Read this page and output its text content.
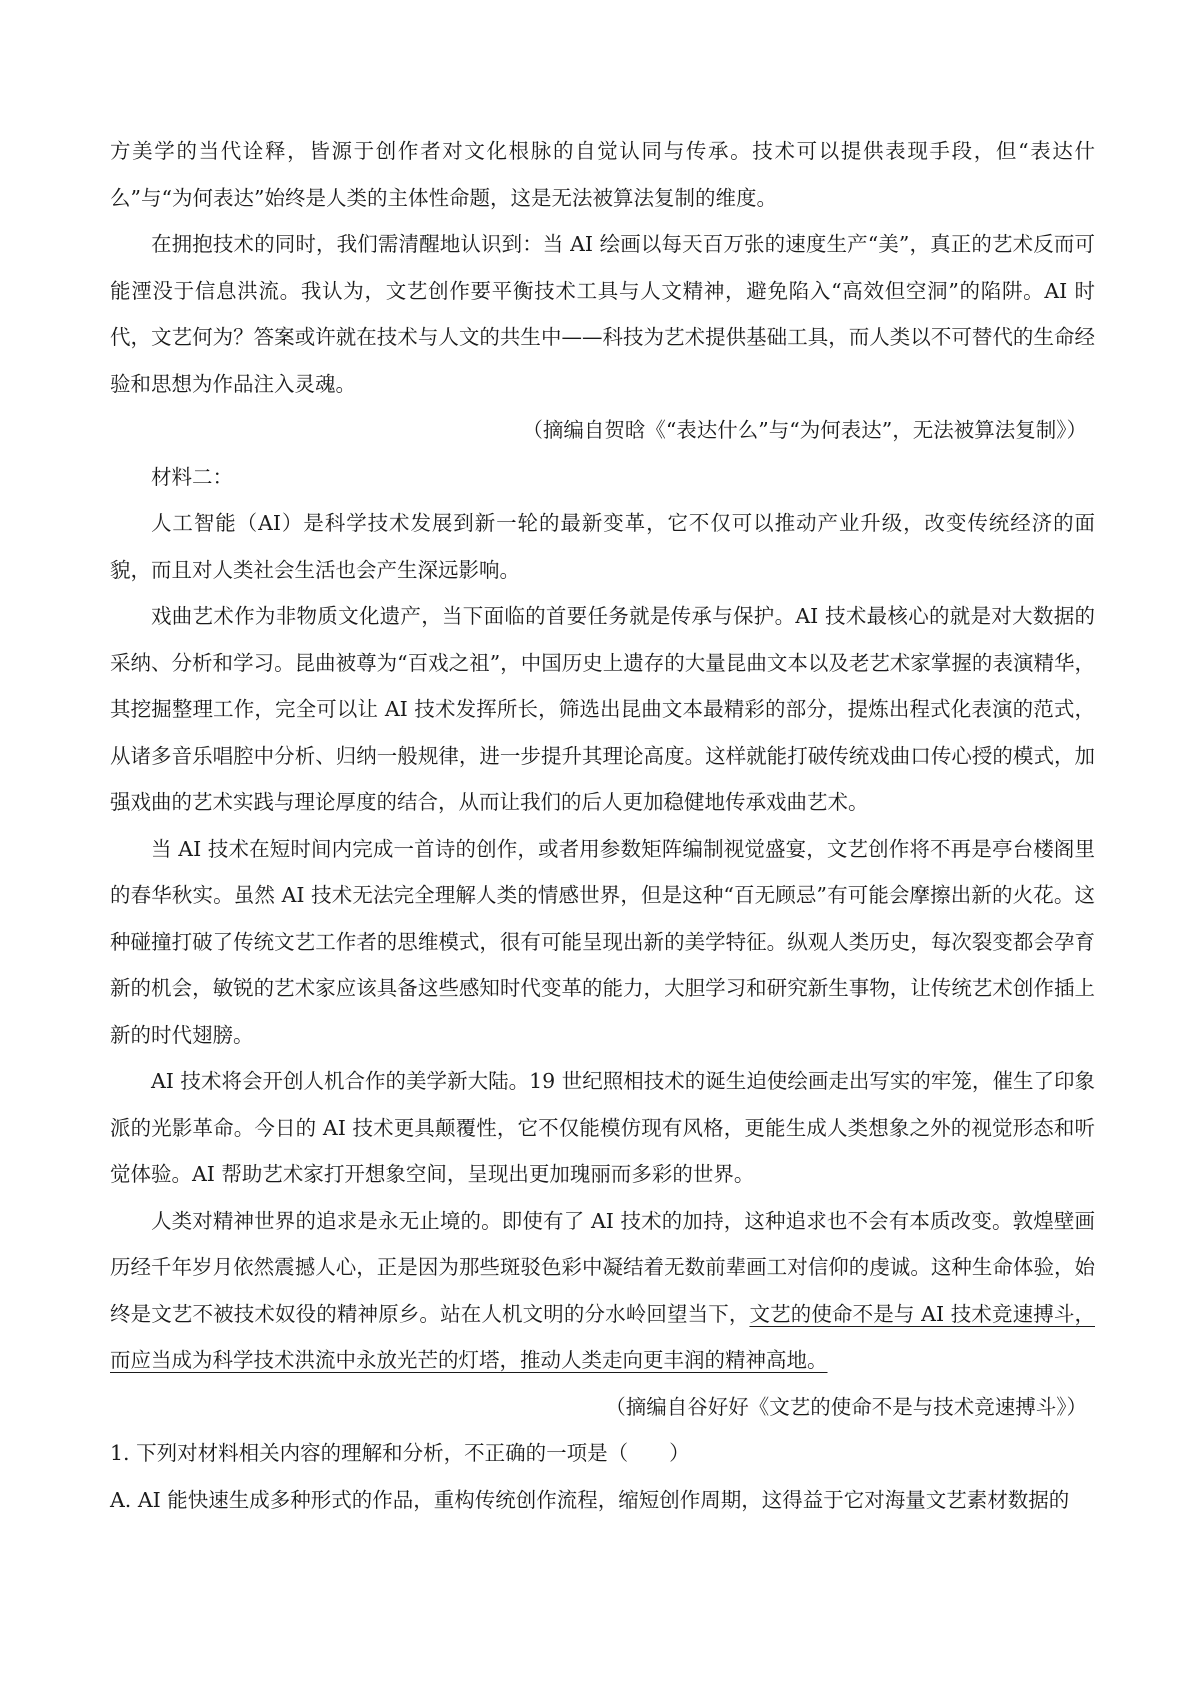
方美学的当代诠释，皆源于创作者对文化根脉的自觉认同与传承。技术可以提供表现手段，但“表达什么”与“为何表达”始终是人类的主体性命题，这是无法被算法复制的维度。

在拥抱技术的同时，我们需清醒地认识到：当 AI 绘画以每天百万张的速度生产“美”，真正的艺术反而可能湮没于信息洪流。我认为，文艺创作要平衡技术工具与人文精神，避免陷入“高效但空洞”的陷阱。AI 时代，文艺何为？答案或许就在技术与人文的共生中——科技为艺术提供基础工具，而人类以不可替代的生命经验和思想为作品注入灵魂。

（摘编自贺晗《“表达什么”与“为何表达”，无法被算法复制》）

材料二：

人工智能（AI）是科学技术发展到新一轮的最新变革，它不仅可以推动产业升级，改变传统经济的面貌，而且对人类社会生活也会产生深远影响。

戏曲艺术作为非物质文化遗产，当下面临的首要任务就是传承与保护。AI 技术最核心的就是对大数据的采纳、分析和学习。昆曲被尊为“百戏之祖”，中国历史上遗存的大量昆曲文本以及老艺术家掌握的表演精华，其挖掘整理工作，完全可以让 AI 技术发挥所长，筛选出昆曲文本最精彩的部分，提炼出程式化表演的范式，从诸多音乐唱腔中分析、归纳一般规律，进一步提升其理论高度。这样就能打破传统戏曲口传心授的模式，加强戏曲的艺术实践与理论厚度的结合，从而让我们的后人更加稳健地传承戏曲艺术。

当 AI 技术在短时间内完成一首诗的创作，或者用参数矩阵编制视觉盛宴，文艺创作将不再是亭台楼阁里的春华秋实。虽然 AI 技术无法完全理解人类的情感世界，但是这种“百无顾忌”有可能会摩擦出新的火花。这种碰撞打破了传统文艺工作者的思维模式，很有可能呈现出新的美学特征。纵观人类历史，每次裂变都会孕育新的机会，敏锐的艺术家应该具备这些感知时代变革的能力，大胆学习和研究新生事物，让传统艺术创作插上新的时代翅膀。

AI 技术将会开创人机合作的美学新大陆。19 世纪照相技术的诞生迫使绘画走出写实的牢笼，催生了印象派的光影革命。今日的 AI 技术更具颠覆性，它不仅能模仿现有风格，更能生成人类想象之外的视觉形态和听觉体验。AI 帮助艺术家打开想象空间，呈现出更加瑰丽而多彩的世界。

人类对精神世界的追求是永无止境的。即使有了 AI 技术的加持，这种追求也不会有本质改变。敦煌壁画历经千年岁月依然震撼人心，正是因为那些斑驳色彩中凝结着无数前辈画工对信仰的虔诚。这种生命体验，始终是文艺不被技术奴役的精神原乡。站在人机文明的分水岭回望当下，文艺的使命不是与 AI 技术竞速搏斗，而应当成为科学技术洪流中永放光芒的灯塔，推动人类走向更丰润的精神高地。

（摘编自谷好好《文艺的使命不是与技术竞速搏斗》）

1. 下列对材料相关内容的理解和分析，不正确的一项是（　　）

A. AI 能快速生成多种形式的作品，重构传统创作流程，缩短创作周期，这得益于它对海量文艺素材数据的
